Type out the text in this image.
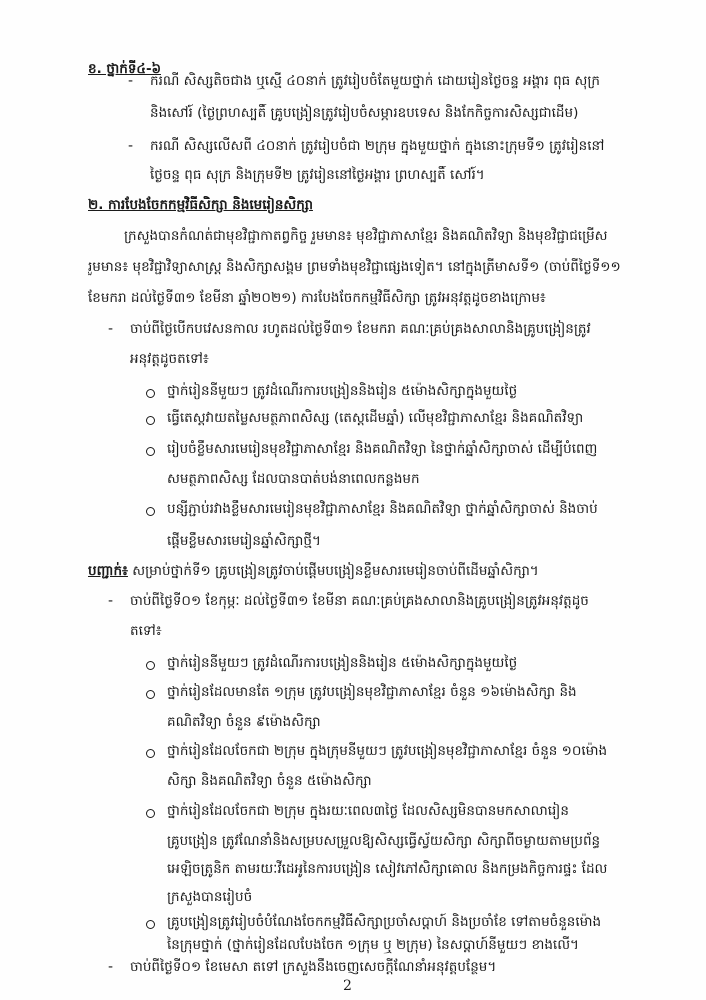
ខ. ថ្នាក់ទី៤-៦
- ករណី សិស្សតិចជាង ឬស្មើ ៤០នាក់ ត្រូវរៀបចំតែមួយថ្នាក់ ដោយរៀនថ្ងៃចន្ទ អង្គារ ពុធ សុក្រ
និងសៅរ៍ (ថ្ងៃព្រហស្បតិ៍ គ្រូបង្រៀនត្រូវរៀបចំសម្ភារឧបទេស និងកែកិច្ចការសិស្សជាដើម)
- ករណី សិស្សលើសពី ៤០នាក់ ត្រូវរៀបចំជា ២ក្រុម ក្នុងមួយថ្នាក់ ក្នុងនោះក្រុមទី១ ត្រូវរៀននៅ
ថ្ងៃចន្ទ ពុធ សុក្រ និងក្រុមទី២ ត្រូវរៀននៅថ្ងៃអង្គារ ព្រហស្បតិ៍ សៅរ៍។
២. ការបែងចែកកម្មវិធីសិក្សា និងមេរៀនសិក្សា
ក្រសួងបានកំណត់ជាមុខវិជ្ជាកាតព្វកិច្ច រួមមាន៖ មុខវិជ្ជាភាសាខ្មែរ និងគណិតវិទ្យា និងមុខវិជ្ជាជម្រើស
រួមមាន៖ មុខវិជ្ជាវិទ្យាសាស្ត្រ និងសិក្សាសង្គម ព្រមទាំងមុខវិជ្ជាផ្សេងទៀត។ នៅក្នុងត្រីមាសទី១ (ចាប់ពីថ្ងៃទី១១
ខែមករា ដល់ថ្ងៃទី៣១ ខែមីនា ឆ្នាំ២០២១) ការបែងចែកកម្មវិធីសិក្សា ត្រូវអនុវត្តដូចខាងក្រោម៖
- ចាប់ពីថ្ងៃបើកបវេសនកាល រហូតដល់ថ្ងៃទី៣១ ខែមករា គណៈគ្រប់គ្រងសាលានិងគ្រូបង្រៀនត្រូវ
អនុវត្តដូចតទៅ៖
ថ្នាក់រៀននីមួយៗ ត្រូវដំណើរការបង្រៀននិងរៀន ៥ម៉ោងសិក្សាក្នុងមួយថ្ងៃ
ធ្វើតេស្តវាយតម្លៃសមត្ថភាពសិស្ស (តេស្តដើមឆ្នាំ) លើមុខវិជ្ជាភាសាខ្មែរ និងគណិតវិទ្យា
រៀបចំខ្លឹមសារមេរៀនមុខវិជ្ជាភាសាខ្មែរ និងគណិតវិទ្យា នៃថ្នាក់ឆ្នាំសិក្សាចាស់ ដើម្បីបំពេញ
សមត្ថភាពសិស្ស ដែលបានបាត់បង់នាពេលកន្លងមក
បន្សីភ្ជាប់រវាងខ្លឹមសារមេរៀនមុខវិជ្ជាភាសាខ្មែរ និងគណិតវិទ្យា ថ្នាក់ឆ្នាំសិក្សាចាស់ និងចាប់
ផ្តើមខ្លឹមសារមេរៀនឆ្នាំសិក្សាថ្មី។
បញ្ជាក់៖ សម្រាប់ថ្នាក់ទី១ គ្រូបង្រៀនត្រូវចាប់ផ្តើមបង្រៀនខ្លឹមសារមេរៀនចាប់ពីដើមឆ្នាំសិក្សា។
- ចាប់ពីថ្ងៃទី០១ ខែកុម្ភៈ ដល់ថ្ងៃទី៣១ ខែមីនា គណៈគ្រប់គ្រងសាលានិងគ្រូបង្រៀនត្រូវអនុវត្តដូច
តទៅ៖
ថ្នាក់រៀននីមួយៗ ត្រូវដំណើរការបង្រៀននិងរៀន ៥ម៉ោងសិក្សាក្នុងមួយថ្ងៃ
ថ្នាក់រៀនដែលមានតែ ១ក្រុម ត្រូវបង្រៀនមុខវិជ្ជាភាសាខ្មែរ ចំនួន ១៦ម៉ោងសិក្សា និង
គណិតវិទ្យា ចំនួន ៩ម៉ោងសិក្សា
ថ្នាក់រៀនដែលចែកជា ២ក្រុម ក្នុងក្រុមនីមួយៗ ត្រូវបង្រៀនមុខវិជ្ជាភាសាខ្មែរ ចំនួន ១០ម៉ោង
សិក្សា និងគណិតវិទ្យា ចំនួន ៥ម៉ោងសិក្សា
ថ្នាក់រៀនដែលចែកជា ២ក្រុម ក្នុងរយៈពេល៣ថ្ងៃ ដែលសិស្សមិនបានមកសាលារៀន
គ្រូបង្រៀន ត្រូវណែនាំនិងសម្របសម្រួលឱ្យសិស្សធ្វើស្វ័យសិក្សា សិក្សាពីចម្ងាយតាមប្រព័ន្ធ
អេឡិចត្រូនិក តាមរយៈវីដេអូនៃការបង្រៀន សៀវភៅសិក្សាគោល និងកម្រងកិច្ចការផ្ទះ ដែល
ក្រសួងបានរៀបចំ
គ្រូបង្រៀនត្រូវរៀបចំបំណែងចែកកម្មវិធីសិក្សាប្រចាំសប្តាហ៍ និងប្រចាំខែ ទៅតាមចំនួនម៉ោង
នៃក្រុមថ្នាក់ (ថ្នាក់រៀនដែលបែងចែក ១ក្រុម ឬ ២ក្រុម) នៃសប្តាហ៍នីមួយៗ ខាងលើ។
- ចាប់ពីថ្ងៃទី០១ ខែមេសា តទៅ ក្រសួងនឹងចេញសេចក្តីណែនាំអនុវត្តបន្ថែម។
2
